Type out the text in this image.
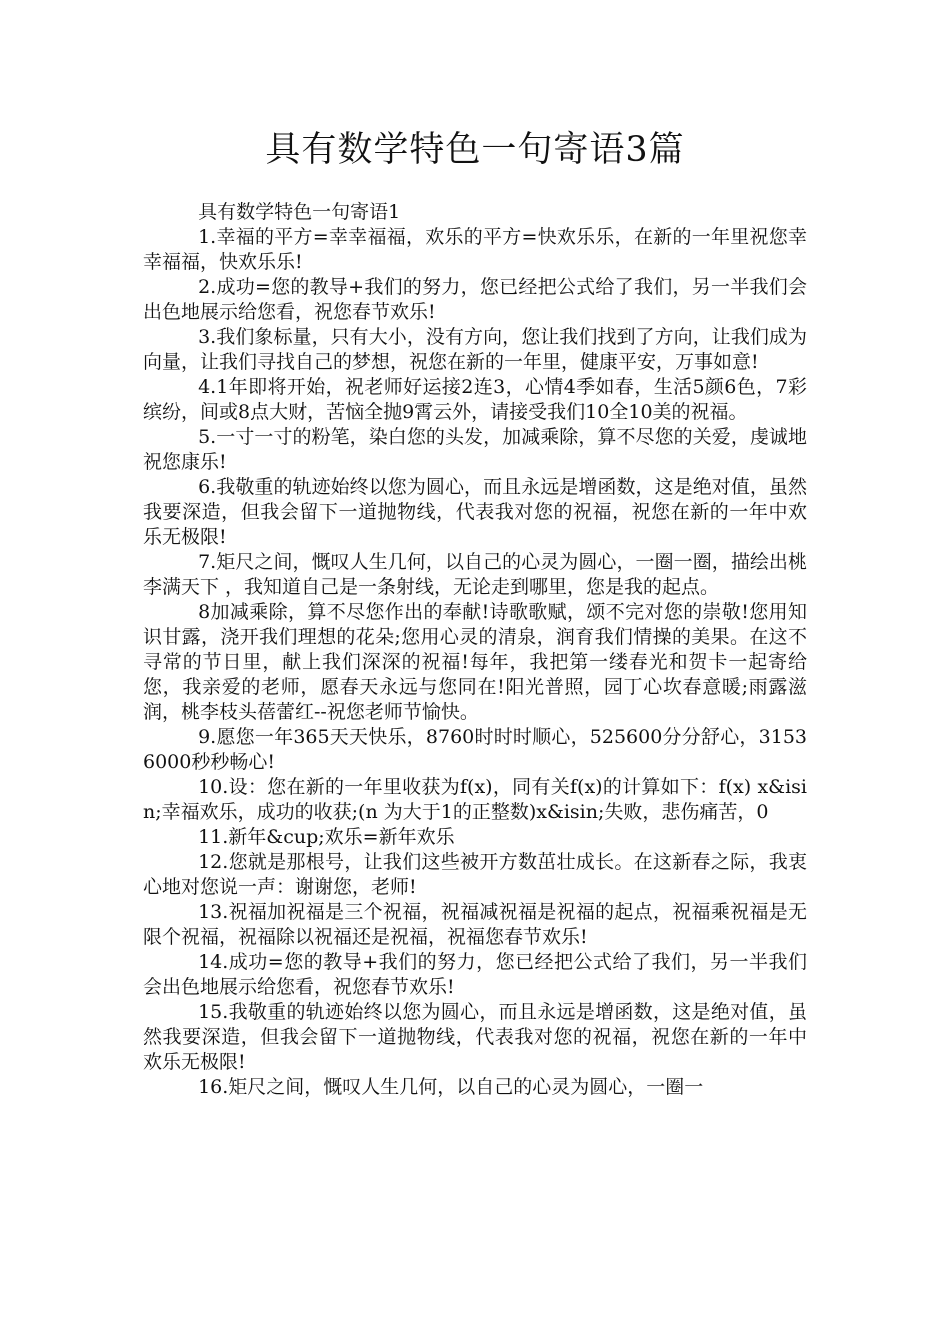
具有数学特色一句寄语3篇

具有数学特色一句寄语1

1.幸福的平方=幸幸福福，欢乐的平方=快欢乐乐，在新的一年里祝您幸幸福福，快欢乐乐!

2.成功=您的教导+我们的努力，您已经把公式给了我们，另一半我们会出色地展示给您看，祝您春节欢乐!

3.我们象标量，只有大小，没有方向，您让我们找到了方向，让我们成为向量，让我们寻找自己的梦想，祝您在新的一年里，健康平安，万事如意!

4.1年即将开始，祝老师好运接2连3，心情4季如春，生活5颜6色，7彩缤纷，间或8点大财，苦恼全抛9霄云外，请接受我们10全10美的祝福。

5.一寸一寸的粉笔，染白您的头发，加减乘除，算不尽您的关爱，虔诚地祝您康乐!

6.我敬重的轨迹始终以您为圆心，而且永远是增函数，这是绝对值，虽然我要深造，但我会留下一道抛物线，代表我对您的祝福，祝您在新的一年中欢乐无极限!

7.矩尺之间，慨叹人生几何，以自己的心灵为圆心，一圈一圈，描绘出桃李满天下 ，我知道自己是一条射线，无论走到哪里，您是我的起点。

8加减乘除，算不尽您作出的奉献!诗歌歌赋，颂不完对您的崇敬!您用知识甘露，浇开我们理想的花朵;您用心灵的清泉，润育我们情操的美果。在这不寻常的节日里，献上我们深深的祝福!每年，我把第一缕春光和贺卡一起寄给您，我亲爱的老师，愿春天永远与您同在!阳光普照，园丁心坎春意暖;雨露滋润，桃李枝头蓓蕾红--祝您老师节愉快。

9.愿您一年365天天快乐，8760时时时顺心，525600分分舒心，31536000秒秒畅心!

10.设：您在新的一年里收获为f(x)，同有关f(x)的计算如下：f(x) x&isin;幸福欢乐，成功的收获;(n 为大于1的正整数)x&isin;失败，悲伤痛苦，0

11.新年&cup;欢乐=新年欢乐

12.您就是那根号，让我们这些被开方数茁壮成长。在这新春之际，我衷心地对您说一声：谢谢您，老师!

13.祝福加祝福是三个祝福，祝福减祝福是祝福的起点，祝福乘祝福是无限个祝福，祝福除以祝福还是祝福，祝福您春节欢乐!

14.成功=您的教导+我们的努力，您已经把公式给了我们，另一半我们会出色地展示给您看，祝您春节欢乐!

15.我敬重的轨迹始终以您为圆心，而且永远是增函数，这是绝对值，虽然我要深造，但我会留下一道抛物线，代表我对您的祝福，祝您在新的一年中欢乐无极限!

16.矩尺之间，慨叹人生几何，以自己的心灵为圆心，一圈一
